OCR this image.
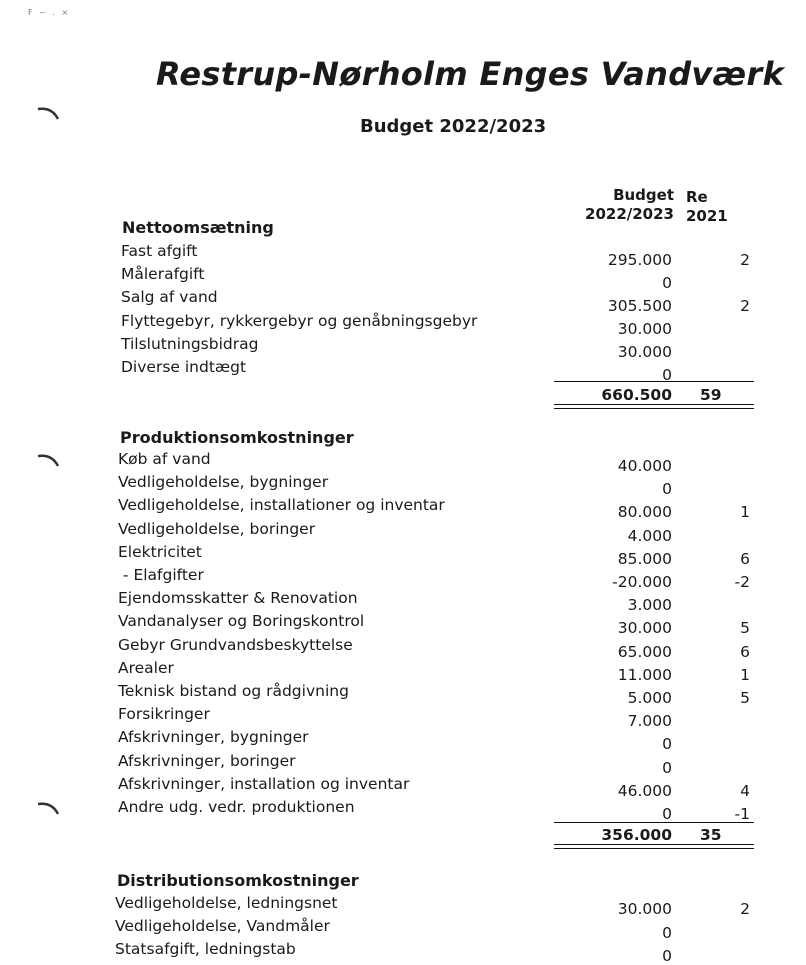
F ~ . ×
Restrup-Nørholm Enges Vandværk
Budget 2022/2023
Budget
2022/2023
Re
2021
Nettoomsætning
Fast afgift	295.000	2
Målerafgift	0
Salg af vand	305.500	2
Flyttegebyr, rykkergebyr og genåbningsgebyr	30.000
Tilslutningsbidrag	30.000
Diverse indtægt	0
660.500 59
Produktionsomkostninger
Køb af vand	40.000
Vedligeholdelse, bygninger	0
Vedligeholdelse, installationer og inventar	80.000	1
Vedligeholdelse, boringer	4.000
Elektricitet	85.000	6
- Elafgifter	-20.000	-2
Ejendomsskatter & Renovation	3.000
Vandanalyser og Boringskontrol	30.000	5
Gebyr Grundvandsbeskyttelse	65.000	6
Arealer	11.000	1
Teknisk bistand og rådgivning	5.000	5
Forsikringer	7.000
Afskrivninger, bygninger	0
Afskrivninger, boringer	0
Afskrivninger, installation og inventar	46.000	4
Andre udg. vedr. produktionen	0	-1
356.000 35
Distributionsomkostninger
Vedligeholdelse, ledningsnet	30.000	2
Vedligeholdelse, Vandmåler	0
Statsafgift, ledningstab	0
